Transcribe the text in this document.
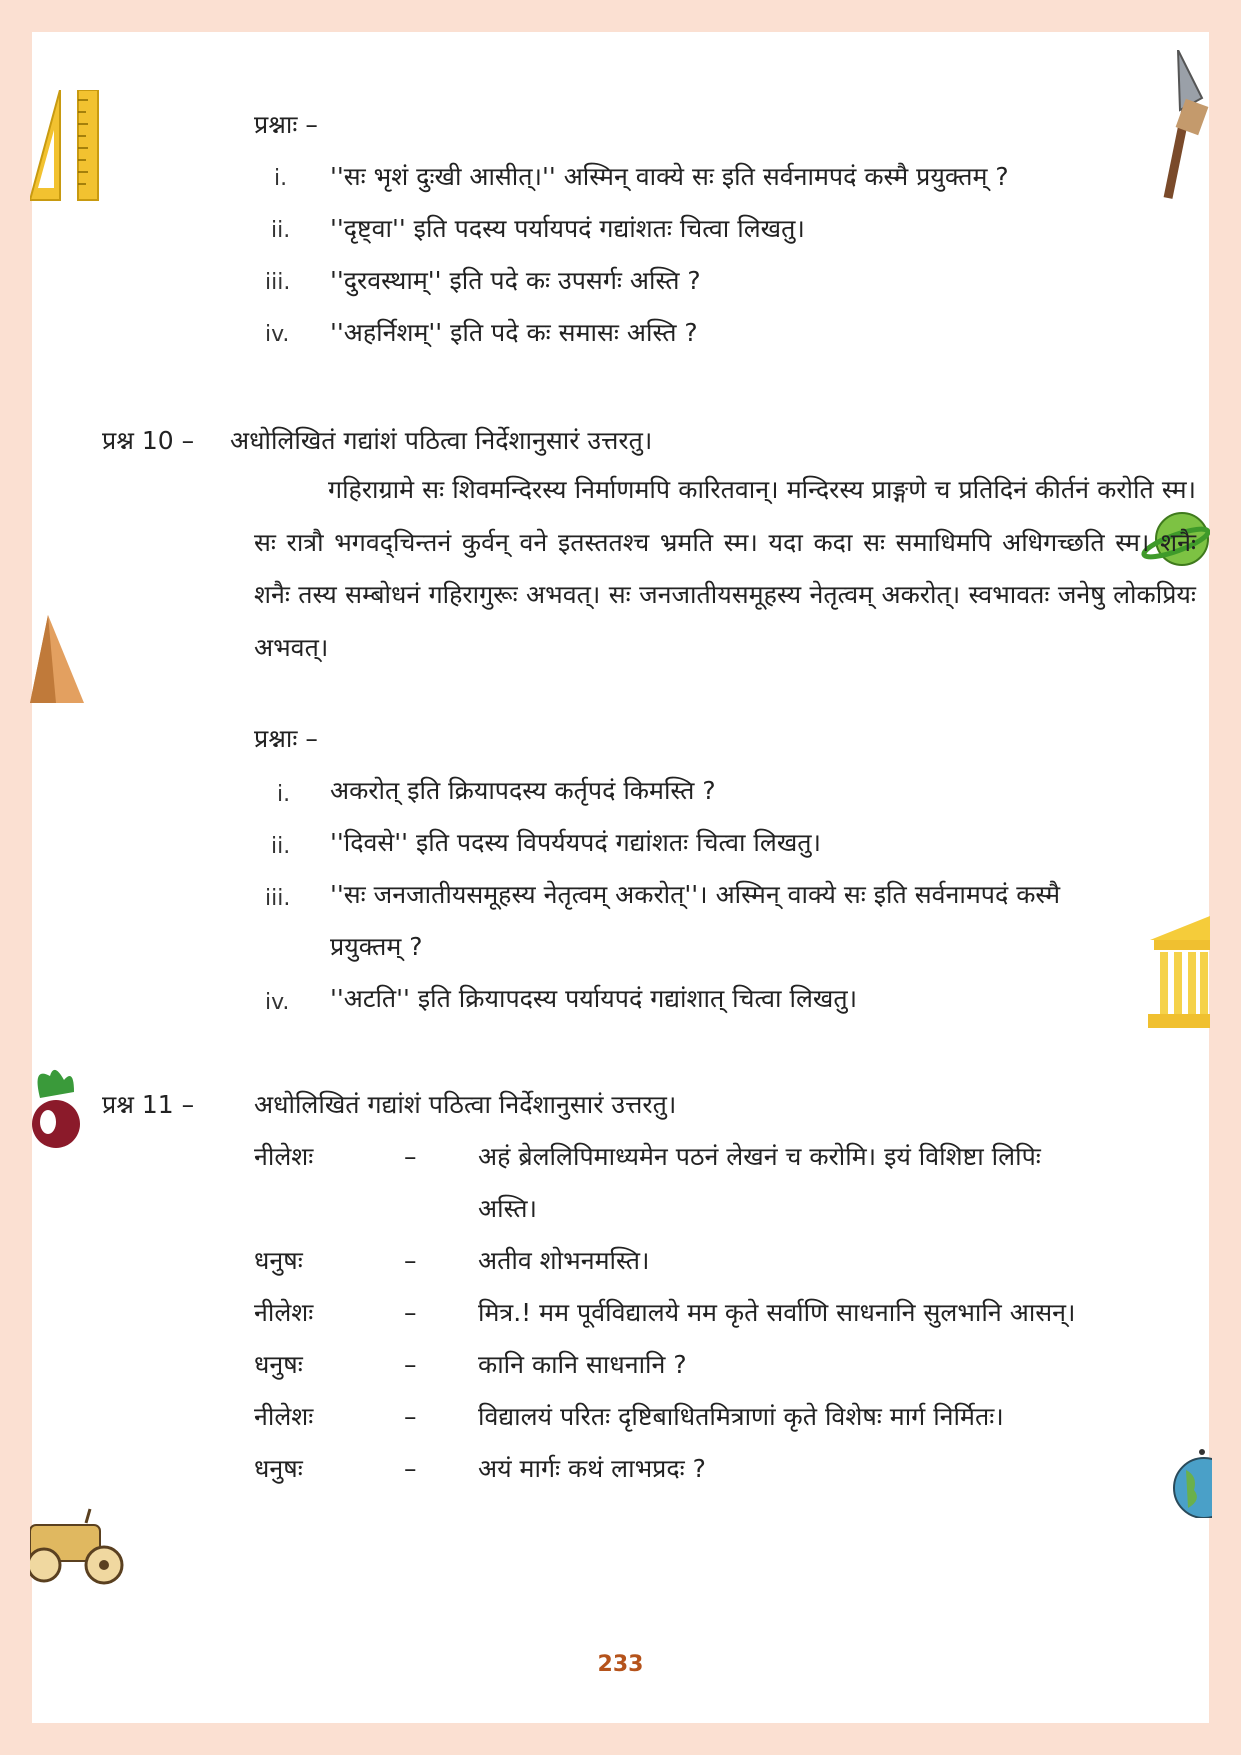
प्रश्नाः –
i. ''सः भृशं दुःखी आसीत्।'' अस्मिन् वाक्ये सः इति सर्वनामपदं कस्मै प्रयुक्तम् ?
ii. ''दृष्ट्वा'' इति पदस्य पर्यायपदं गद्यांशतः चित्वा लिखतु।
iii. ''दुरवस्थाम्'' इति पदे कः उपसर्गः अस्ति ?
iv. ''अहर्निशम्'' इति पदे कः समासः अस्ति ?
प्रश्न 10 – अधोलिखितं गद्यांशं पठित्वा निर्देशानुसारं उत्तरतु।
गहिराग्रामे सः शिवमन्दिरस्य निर्माणमपि कारितवान्। मन्दिरस्य प्राङ्गणे च प्रतिदिनं कीर्तनं करोति स्म। सः रात्रौ भगवद्चिन्तनं कुर्वन् वने इतस्ततश्च भ्रमति स्म। यदा कदा सः समाधिमपि अधिगच्छति स्म। शनैः शनैः तस्य सम्बोधनं गहिरागुरूः अभवत्। सः जनजातीयसमूहस्य नेतृत्वम् अकरोत्। स्वभावतः जनेषु लोकप्रियः अभवत्।
प्रश्नाः –
i. अकरोत् इति क्रियापदस्य कर्तृपदं किमस्ति ?
ii. ''दिवसे'' इति पदस्य विपर्ययपदं गद्यांशतः चित्वा लिखतु।
iii. ''सः जनजातीयसमूहस्य नेतृत्वम् अकरोत्''। अस्मिन् वाक्ये सः इति सर्वनामपदं कस्मै
प्रयुक्तम् ?
iv. ''अटति'' इति क्रियापदस्य पर्यायपदं गद्यांशात् चित्वा लिखतु।
प्रश्न 11 – अधोलिखितं गद्यांशं पठित्वा निर्देशानुसारं उत्तरतु।
नीलेशः	– अहं ब्रेललिपिमाध्यमेन पठनं लेखनं च करोमि। इयं विशिष्टा लिपिः
अस्ति।
धनुषः	– अतीव शोभनमस्ति।
नीलेशः	– मित्र.! मम पूर्वविद्यालये मम कृते सर्वाणि साधनानि सुलभानि आसन्।
धनुषः	– कानि कानि साधनानि ?
नीलेशः	– विद्यालयं परितः दृष्टिबाधितमित्राणां कृते विशेषः मार्ग निर्मितः।
धनुषः	– अयं मार्गः कथं लाभप्रदः ?
233
